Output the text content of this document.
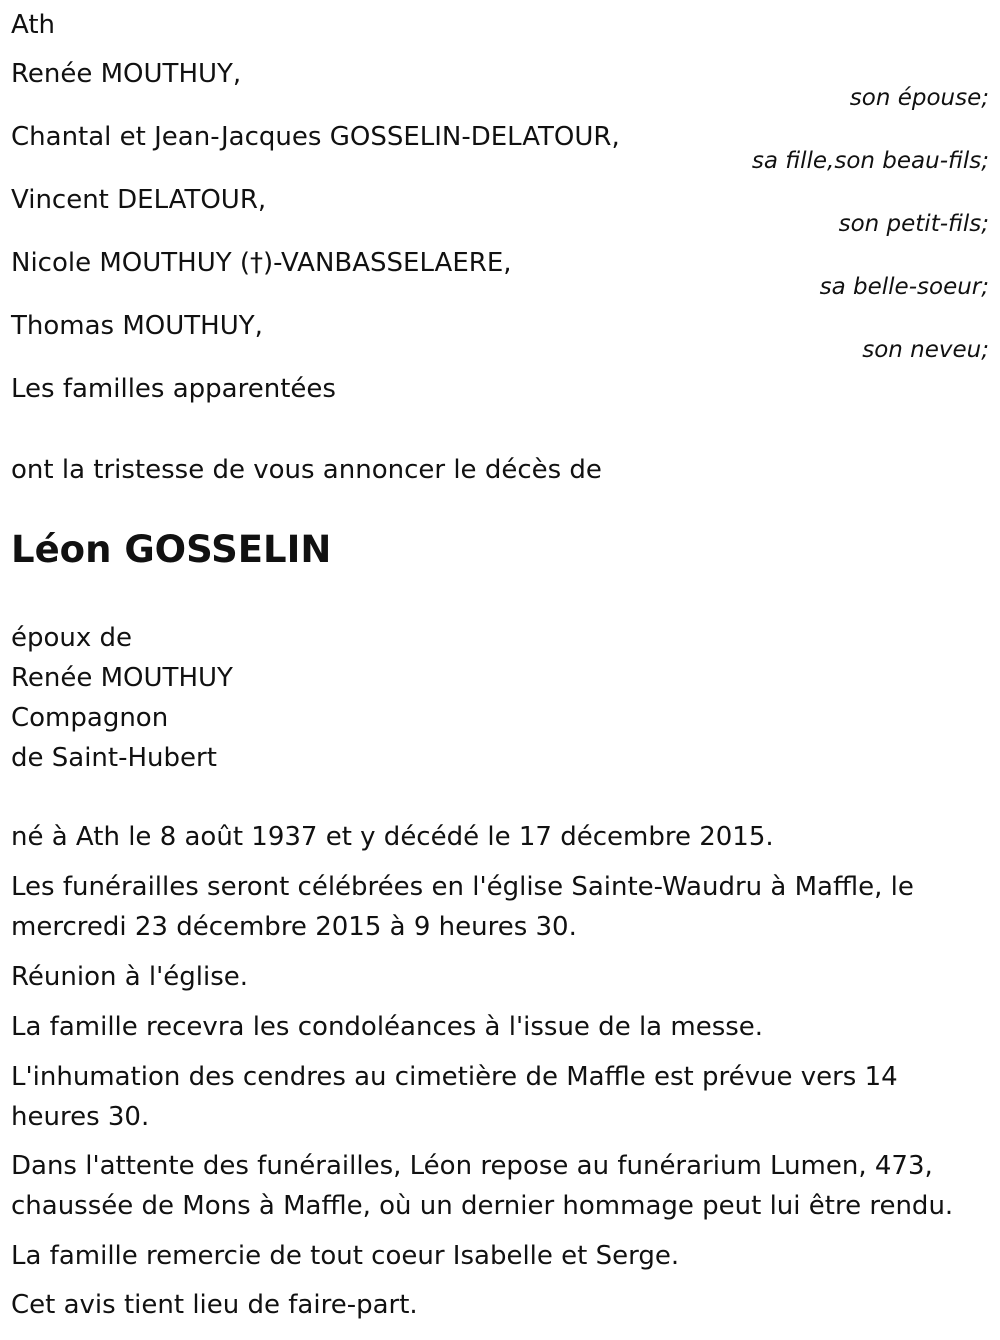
Ath
Renée MOUTHUY,
son épouse;
Chantal et Jean-Jacques GOSSELIN-DELATOUR,
sa fille,son beau-fils;
Vincent DELATOUR,
son petit-fils;
Nicole MOUTHUY (†)-VANBASSELAERE,
sa belle-soeur;
Thomas MOUTHUY,
son neveu;
Les familles apparentées
ont la tristesse de vous annoncer le décès de
Léon GOSSELIN
époux de
Renée MOUTHUY
Compagnon
de Saint-Hubert
né à Ath le 8 août 1937 et y décédé le 17 décembre 2015.
Les funérailles seront célébrées en l'église Sainte-Waudru à Maffle, le mercredi 23 décembre 2015 à 9 heures 30.
Réunion à l'église.
La famille recevra les condoléances à l'issue de la messe.
L'inhumation des cendres au cimetière de Maffle est prévue vers 14 heures 30.
Dans l'attente des funérailles, Léon repose au funérarium Lumen, 473, chaussée de Mons à Maffle, où un dernier hommage peut lui être rendu.
La famille remercie de tout coeur Isabelle et Serge.
Cet avis tient lieu de faire-part.
